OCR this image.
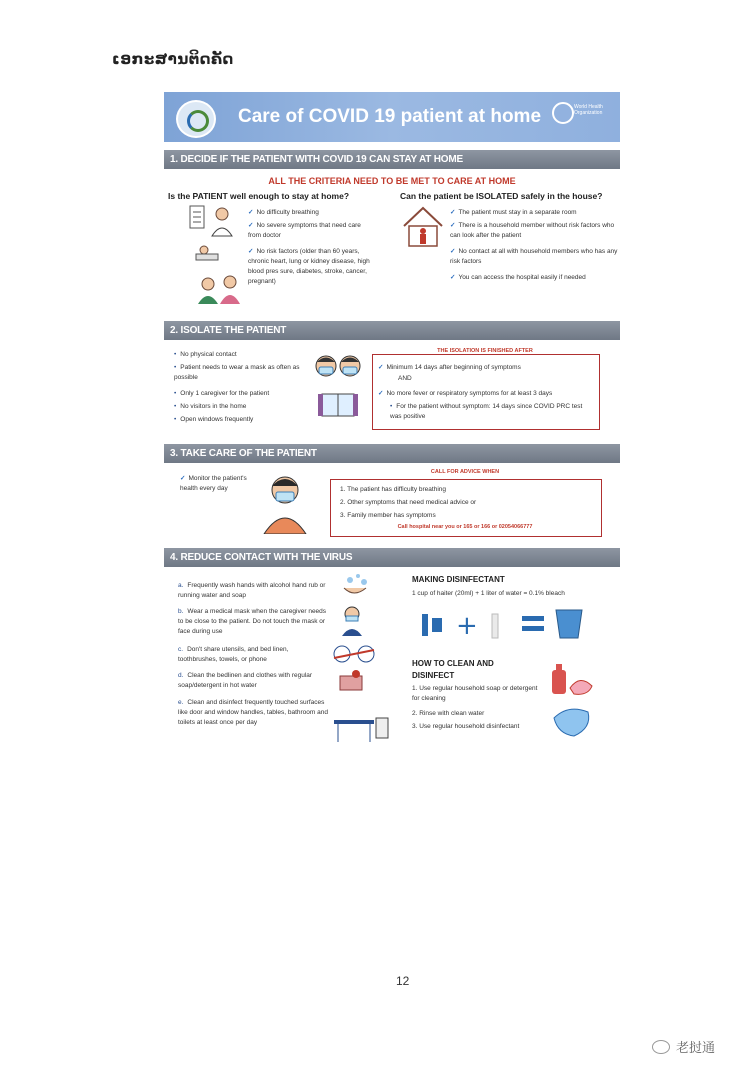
ເອກະສານຕິດຄັດ
Care of COVID 19 patient at home	World Health Organization
1. DECIDE IF THE PATIENT WITH COVID 19 CAN STAY AT HOME
ALL THE CRITERIA NEED TO BE MET TO CARE AT HOME
Is the PATIENT well enough to stay at home?	Can the patient be ISOLATED safely in the house?
✓ No difficulty breathing
✓ No severe symptoms that need care from doctor
✓ No risk factors (older than 60 years, chronic heart, lung or kidney disease, high blood pres sure, diabetes, stroke, cancer, pregnant)
✓ The patient must stay in a separate room
✓ There is a household member without risk factors who can look after the patient
✓ No contact at all with household members who has any risk factors
✓ You can access the hospital easily if needed
2. ISOLATE THE PATIENT
• No physical contact
• Patient needs to wear a mask as often as possible
• Only 1 caregiver for the patient
• No visitors in the home
• Open windows frequently
THE ISOLATION IS FINISHED AFTER
✓ Minimum 14 days after beginning of symptoms
AND
✓ No more fever or respiratory symptoms for at least 3 days
• For the patient without symptom: 14 days since COVID PRC test was positive
3. TAKE CARE OF THE PATIENT
✓ Monitor the patient's health every day
CALL FOR ADVICE WHEN
1. The patient has difficulty breathing
2. Other symptoms that need medical advice or
3. Family member has symptoms
Call hospital near you or 165 or 166 or 02054066777
4. REDUCE CONTACT WITH THE VIRUS
a. Frequently wash hands with alcohol hand rub or running water and soap
b. Wear a medical mask when the caregiver needs to be close to the patient. Do not touch the mask or face during use
c. Don't share utensils, and bed linen, toothbrushes, towels, or phone
d. Clean the bedlinen and clothes with regular soap/detergent in hot water
e. Clean and disinfect frequently touched surfaces like door and window handles, tables, bathroom and toilets at least once per day
MAKING DISINFECTANT
1 cup of haiter (20ml) + 1 liter of water = 0.1% bleach
+
HOW TO CLEAN AND DISINFECT
1. Use regular household soap or detergent for cleaning
2. Rinse with clean water
3. Use regular household disinfectant
12
老挝通
